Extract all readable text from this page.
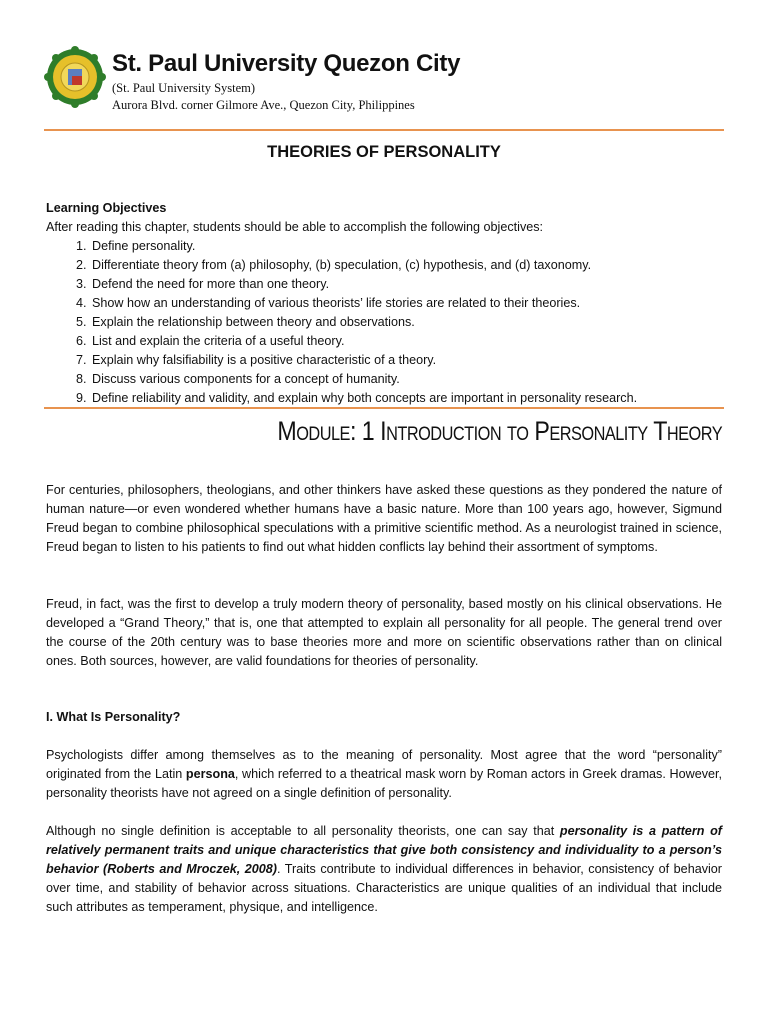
St. Paul University Quezon City
(St. Paul University System)
Aurora Blvd. corner Gilmore Ave., Quezon City, Philippines
THEORIES OF PERSONALITY
Learning Objectives
After reading this chapter, students should be able to accomplish the following objectives:
1. Define personality.
2. Differentiate theory from (a) philosophy, (b) speculation, (c) hypothesis, and (d) taxonomy.
3. Defend the need for more than one theory.
4. Show how an understanding of various theorists’ life stories are related to their theories.
5. Explain the relationship between theory and observations.
6. List and explain the criteria of a useful theory.
7. Explain why falsifiability is a positive characteristic of a theory.
8. Discuss various components for a concept of humanity.
9. Define reliability and validity, and explain why both concepts are important in personality research.
Module: 1 Introduction to Personality Theory
For centuries, philosophers, theologians, and other thinkers have asked these questions as they pondered the nature of human nature—or even wondered whether humans have a basic nature. More than 100 years ago, however, Sigmund Freud began to combine philosophical speculations with a primitive scientific method. As a neurologist trained in science, Freud began to listen to his patients to find out what hidden conflicts lay behind their assortment of symptoms.
Freud, in fact, was the first to develop a truly modern theory of personality, based mostly on his clinical observations. He developed a “Grand Theory,” that is, one that attempted to explain all personality for all people. The general trend over the course of the 20th century was to base theories more and more on scientific observations rather than on clinical ones. Both sources, however, are valid foundations for theories of personality.
I. What Is Personality?
Psychologists differ among themselves as to the meaning of personality. Most agree that the word “personality” originated from the Latin persona, which referred to a theatrical mask worn by Roman actors in Greek dramas. However, personality theorists have not agreed on a single definition of personality.
Although no single definition is acceptable to all personality theorists, one can say that personality is a pattern of relatively permanent traits and unique characteristics that give both consistency and individuality to a person’s behavior (Roberts and Mroczek, 2008). Traits contribute to individual differences in behavior, consistency of behavior over time, and stability of behavior across situations. Characteristics are unique qualities of an individual that include such attributes as temperament, physique, and intelligence.
